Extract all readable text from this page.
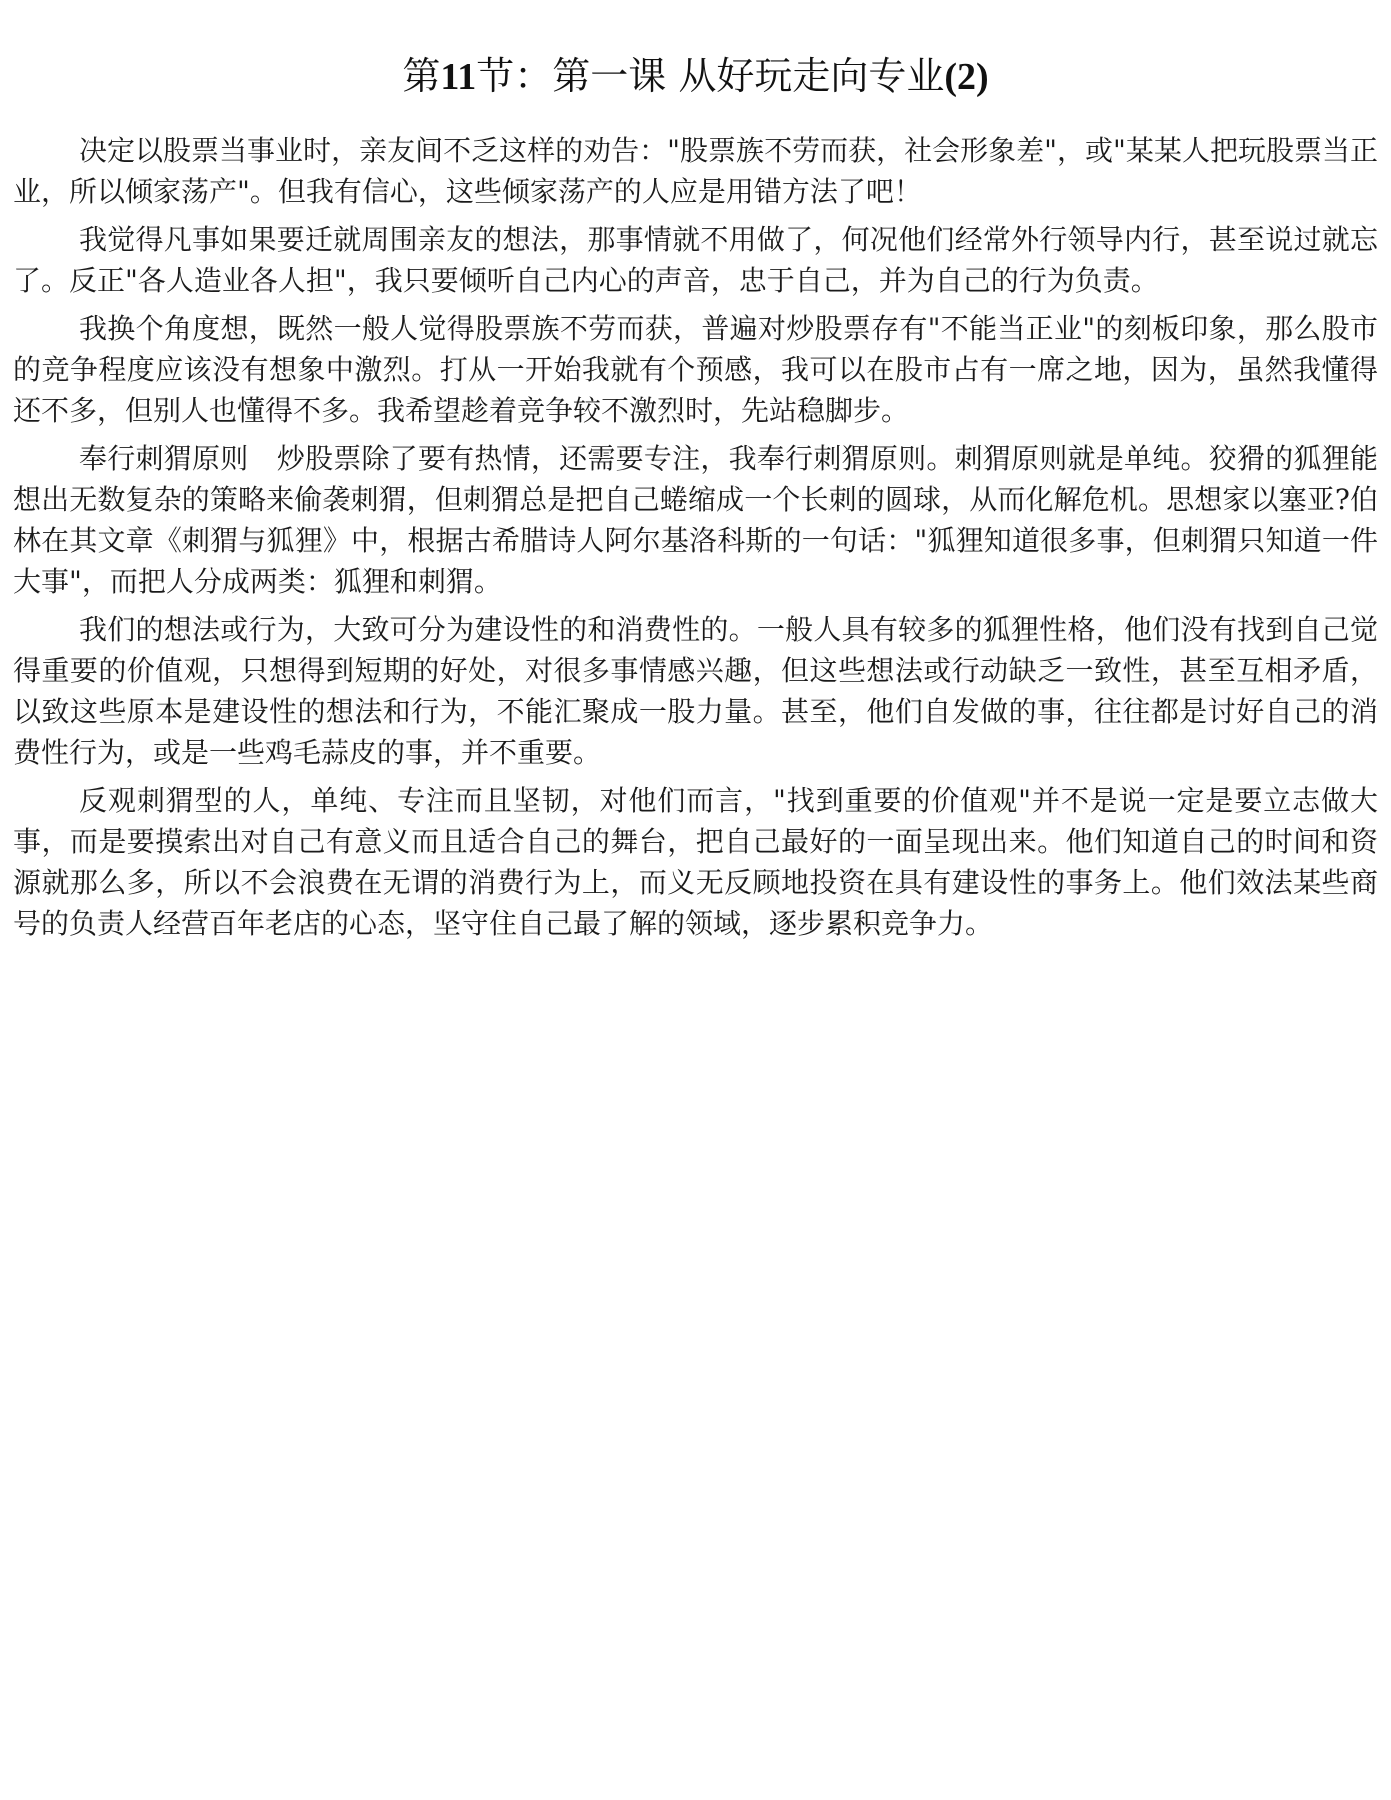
第11节：第一课 从好玩走向专业(2)

决定以股票当事业时，亲友间不乏这样的劝告："股票族不劳而获，社会形象差"，或"某某人把玩股票当正业，所以倾家荡产"。但我有信心，这些倾家荡产的人应是用错方法了吧！

我觉得凡事如果要迁就周围亲友的想法，那事情就不用做了，何况他们经常外行领导内行，甚至说过就忘了。反正"各人造业各人担"，我只要倾听自己内心的声音，忠于自己，并为自己的行为负责。

我换个角度想，既然一般人觉得股票族不劳而获，普遍对炒股票存有"不能当正业"的刻板印象，那么股市的竞争程度应该没有想象中激烈。打从一开始我就有个预感，我可以在股市占有一席之地，因为，虽然我懂得还不多，但别人也懂得不多。我希望趁着竞争较不激烈时，先站稳脚步。

奉行刺猬原则　炒股票除了要有热情，还需要专注，我奉行刺猬原则。刺猬原则就是单纯。狡猾的狐狸能想出无数复杂的策略来偷袭刺猬，但刺猬总是把自己蜷缩成一个长刺的圆球，从而化解危机。思想家以塞亚?伯林在其文章《刺猬与狐狸》中，根据古希腊诗人阿尔基洛科斯的一句话："狐狸知道很多事，但刺猬只知道一件大事"，而把人分成两类：狐狸和刺猬。

我们的想法或行为，大致可分为建设性的和消费性的。一般人具有较多的狐狸性格，他们没有找到自己觉得重要的价值观，只想得到短期的好处，对很多事情感兴趣，但这些想法或行动缺乏一致性，甚至互相矛盾，以致这些原本是建设性的想法和行为，不能汇聚成一股力量。甚至，他们自发做的事，往往都是讨好自己的消费性行为，或是一些鸡毛蒜皮的事，并不重要。

反观刺猬型的人，单纯、专注而且坚韧，对他们而言，"找到重要的价值观"并不是说一定是要立志做大事，而是要摸索出对自己有意义而且适合自己的舞台，把自己最好的一面呈现出来。他们知道自己的时间和资源就那么多，所以不会浪费在无谓的消费行为上，而义无反顾地投资在具有建设性的事务上。他们效法某些商号的负责人经营百年老店的心态，坚守住自己最了解的领域，逐步累积竞争力。
